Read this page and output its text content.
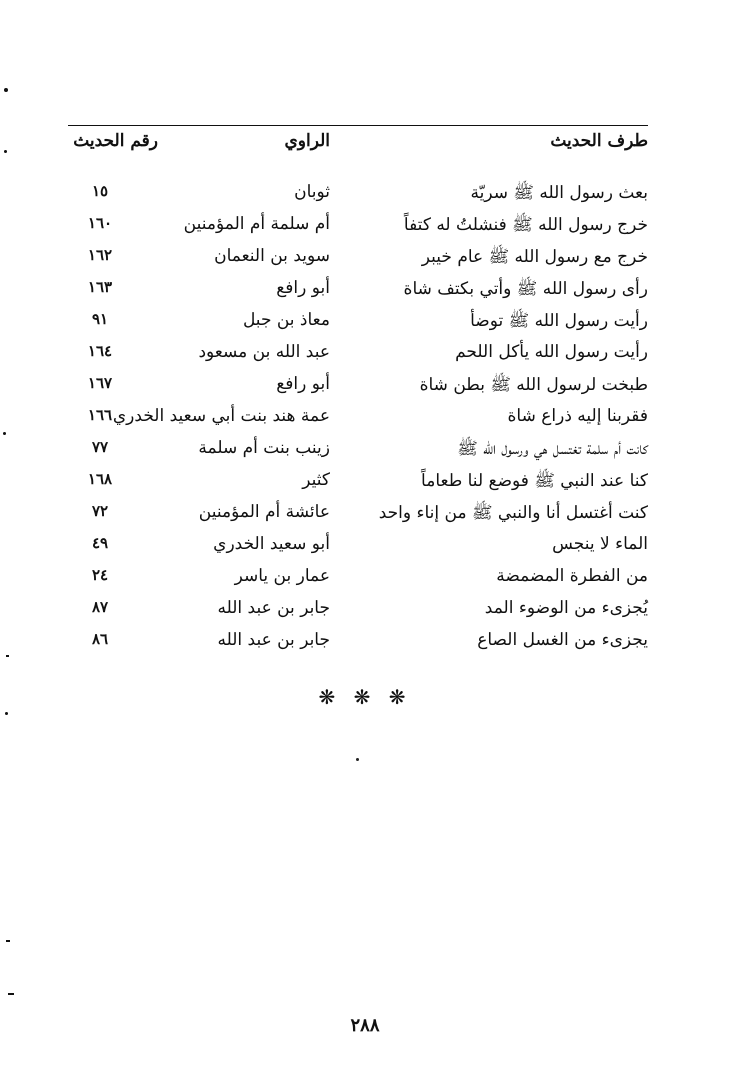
طرف الحديث
الراوي
رقم الحديث
بعث رسول الله ﷺ سريّة
ثوبان
١٥
خرج رسول الله ﷺ فنشلتُ له كتفاً
أم سلمة أم المؤمنين
١٦٠
خرج مع رسول الله ﷺ عام خيبر
سويد بن النعمان
١٦٢
رأى رسول الله ﷺ وأتي بكتف شاة
أبو رافع
١٦٣
رأيت رسول الله ﷺ توضأ
معاذ بن جبل
٩١
رأيت رسول الله يأكل اللحم
عبد الله بن مسعود
١٦٤
طبخت لرسول الله ﷺ بطن شاة
أبو رافع
١٦٧
فقربنا إليه ذراع شاة
عمة هند بنت أبي سعيد الخدري
١٦٦
كانت أم سلمة تغتسل هي ورسول الله ﷺ
زينب بنت أم سلمة
٧٧
كنا عند النبي ﷺ فوضع لنا طعاماً
كثير
١٦٨
كنت أغتسل أنا والنبي ﷺ من إناء واحد
عائشة أم المؤمنين
٧٢
الماء لا ينجس
أبو سعيد الخدري
٤٩
من الفطرة المضمضة
عمار بن ياسر
٢٤
يُجزىء من الوضوء المد
جابر بن عبد الله
٨٧
يجزىء من الغسل الصاع
جابر بن عبد الله
٨٦
❋ ❋ ❋
٢٨٨
